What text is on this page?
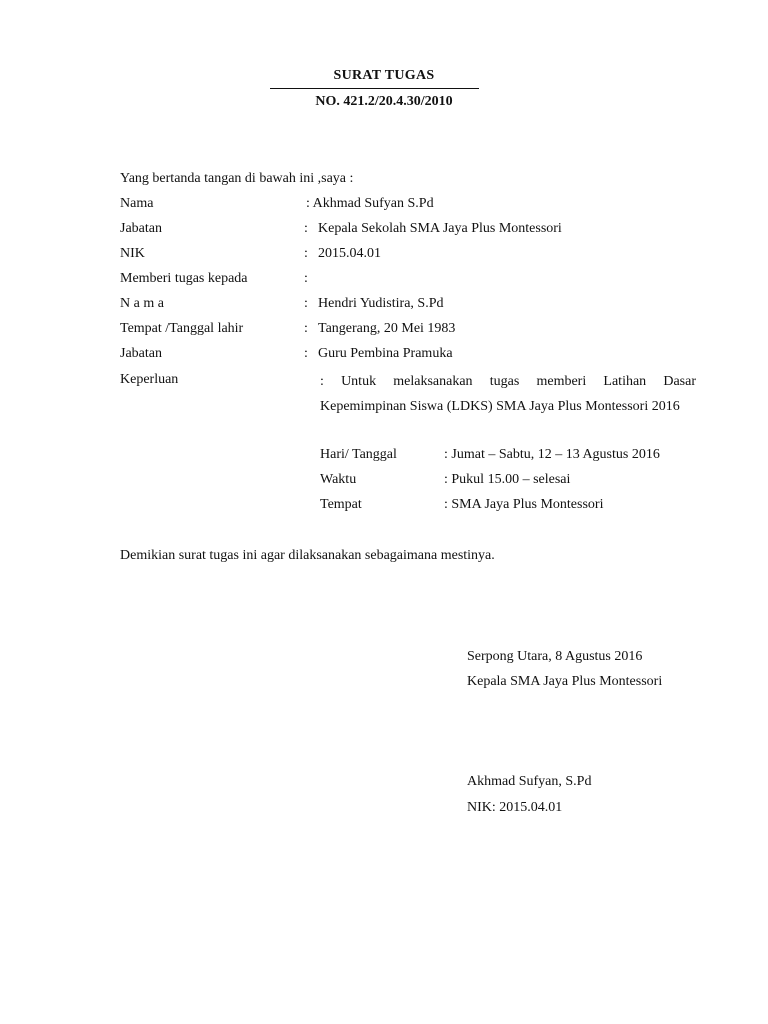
SURAT TUGAS
NO. 421.2/20.4.30/2010
Yang bertanda tangan di bawah ini ,saya :
Nama	: Akhmad Sufyan S.Pd
Jabatan	: Kepala Sekolah SMA Jaya Plus Montessori
NIK	: 2015.04.01
Memberi tugas kepada	:
N a m a	: Hendri Yudistira, S.Pd
Tempat /Tanggal lahir	: Tangerang, 20 Mei 1983
Jabatan	: Guru Pembina Pramuka
Keperluan	: Untuk melaksanakan tugas memberi Latihan Dasar Kepemimpinan Siswa (LDKS) SMA Jaya Plus Montessori 2016
Hari/ Tanggal	: Jumat – Sabtu, 12 – 13 Agustus 2016
Waktu	: Pukul 15.00 – selesai
Tempat	: SMA Jaya Plus Montessori
Demikian surat tugas ini agar dilaksanakan sebagaimana mestinya.
Serpong Utara, 8 Agustus 2016
Kepala SMA Jaya Plus Montessori
Akhmad Sufyan, S.Pd
NIK: 2015.04.01
